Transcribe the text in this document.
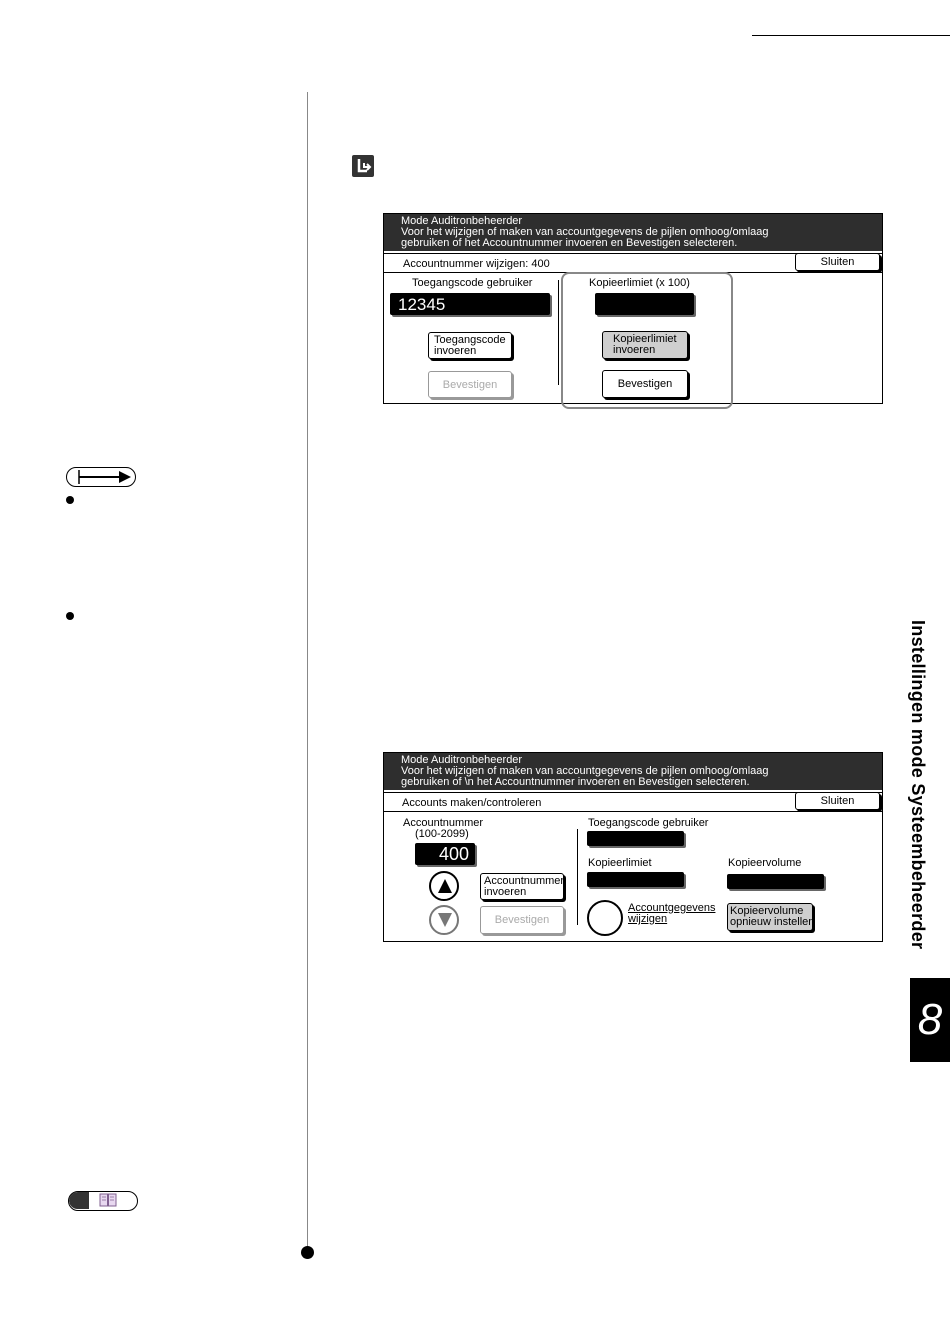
Instellingen mode Systeembeheerder
8
Mode Auditronbeheerder
Voor het wijzigen of maken van accountgegevens de pijlen omhoog/omlaag
gebruiken of het Accountnummer invoeren en Bevestigen selecteren.
Accountnummer wijzigen: 400	Sluiten
Toegangscode gebruiker
12345
Toegangscode
invoeren
Bevestigen
Kopieerlimiet (x 100)
Kopieerlimiet
invoeren
Bevestigen
Mode Auditronbeheerder
Voor het wijzigen of maken van accountgegevens de pijlen omhoog/omlaag
gebruiken of \n het Accountnummer invoeren en Bevestigen selecteren.
Accounts maken/controleren	Sluiten
Accountnummer
(100-2099)
400
Accountnummer
invoeren
Bevestigen
Toegangscode gebruiker
Kopieerlimiet	Kopieervolume
Accountgegevens
wijzigen
Kopieervolume
opnieuw instellen
